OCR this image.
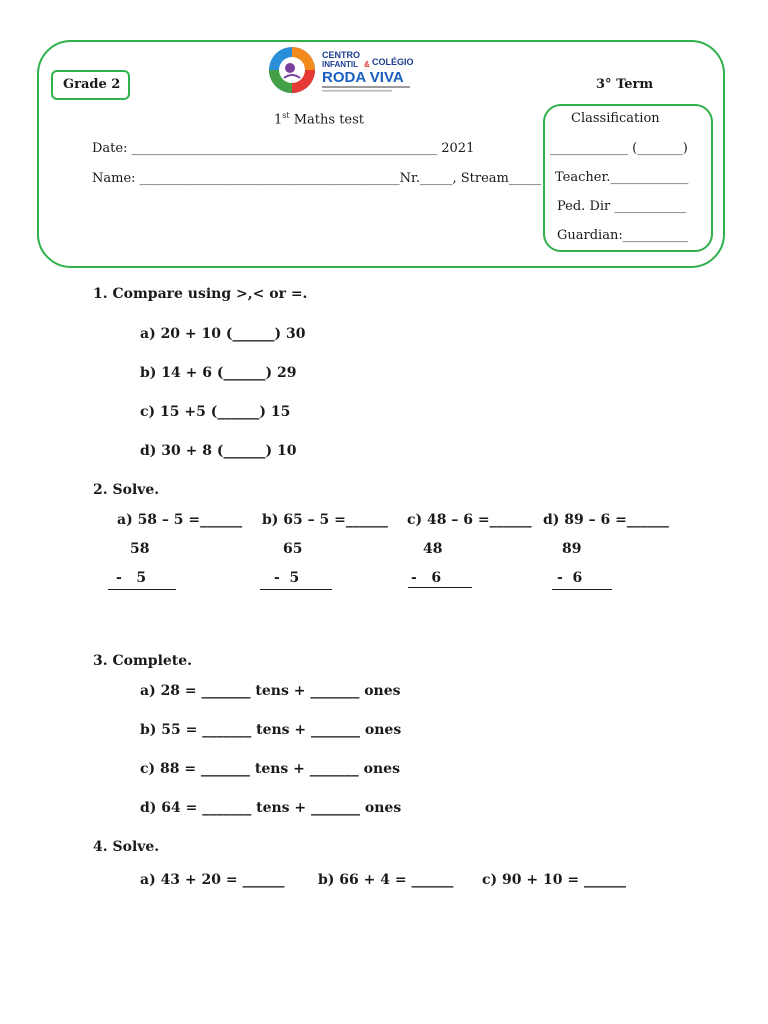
Grade 2
CENTRO
INFANTIL & COLÉGIO
RODA VIVA	3° Term
1st Maths test
Date: _______________________________________________ 2021
Name: ________________________________________Nr._____, Stream_____
Classification
____________ (_______)
Teacher.____________
Ped. Dir ___________
Guardian:__________
1. Compare using >,< or =.
a) 20 + 10 (______) 30
b) 14 + 6 (______) 29
c) 15 +5 (______) 15
d) 30 + 8 (______) 10
2. Solve.
a) 58 – 5 =______ b) 65 – 5 =______ c) 48 – 6 =______ d) 89 – 6 =______
58	65	48	89
-   5	-  5	-   6	-  6
3. Complete.
a) 28 = _______ tens + _______ ones
b) 55 = _______ tens + _______ ones
c) 88 = _______ tens + _______ ones
d) 64 = _______ tens + _______ ones
4. Solve.
a) 43 + 20 = ______ b) 66 + 4 = ______ c) 90 + 10 = ______
